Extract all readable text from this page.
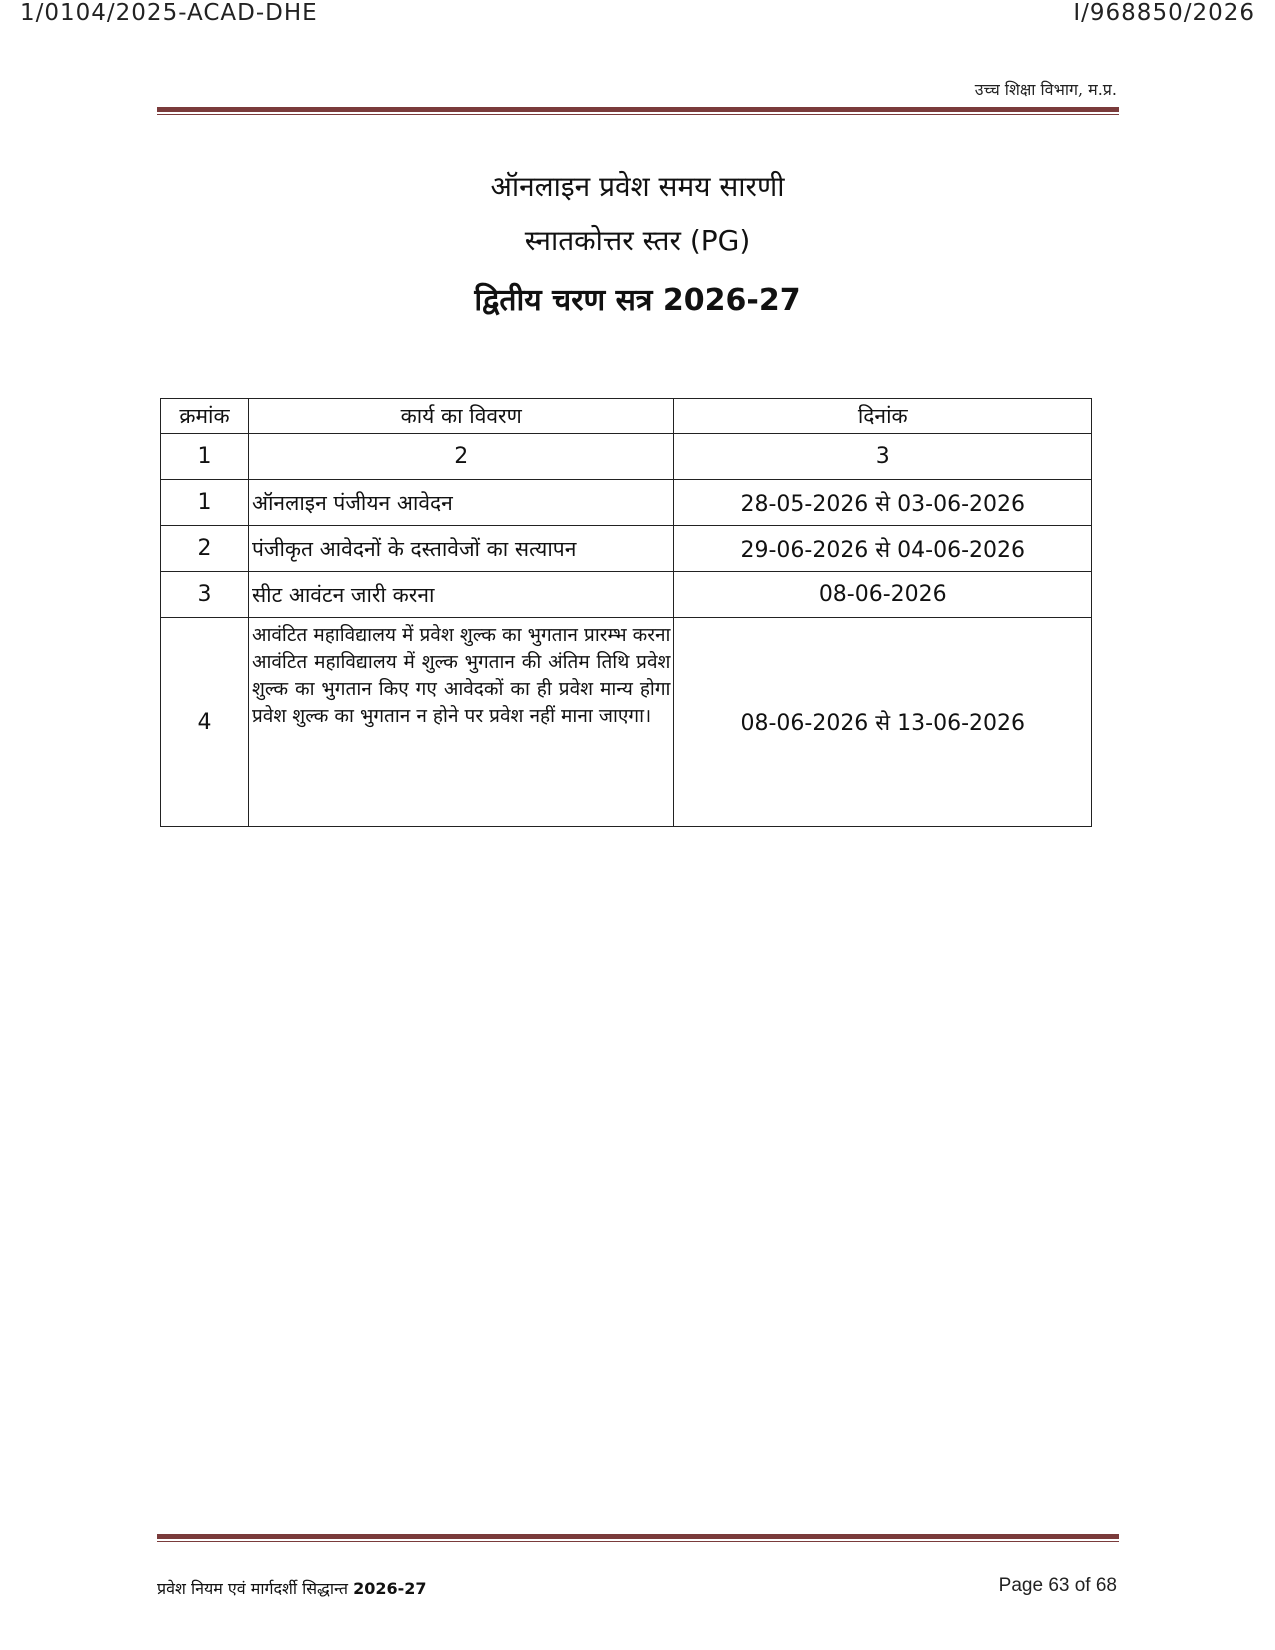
1/0104/2025-ACAD-DHE	I/968850/2026
उच्च शिक्षा विभाग, म.प्र.
ऑनलाइन प्रवेश समय सारणी
स्नातकोत्तर स्तर (PG)
द्वितीय चरण सत्र 2026-27
क्रमांक	कार्य का विवरण	दिनांक
1	2	3
1	ऑनलाइन पंजीयन आवेदन	28-05-2026 से 03-06-2026
2	पंजीकृत आवेदनों के दस्तावेजों का सत्यापन	29-06-2026 से 04-06-2026
3	सीट आवंटन जारी करना	08-06-2026
4	आवंटित महाविद्यालय में प्रवेश शुल्क का भुगतान प्रारम्भ करना आवंटित महाविद्यालय में शुल्क भुगतान की अंतिम तिथि प्रवेश शुल्क का भुगतान किए गए आवेदकों का ही प्रवेश मान्य होगा प्रवेश शुल्क का भुगतान न होने पर प्रवेश नहीं माना जाएगा।	08-06-2026 से 13-06-2026
प्रवेश नियम एवं मार्गदर्शी सिद्धान्त 2026-27	Page 63 of 68
